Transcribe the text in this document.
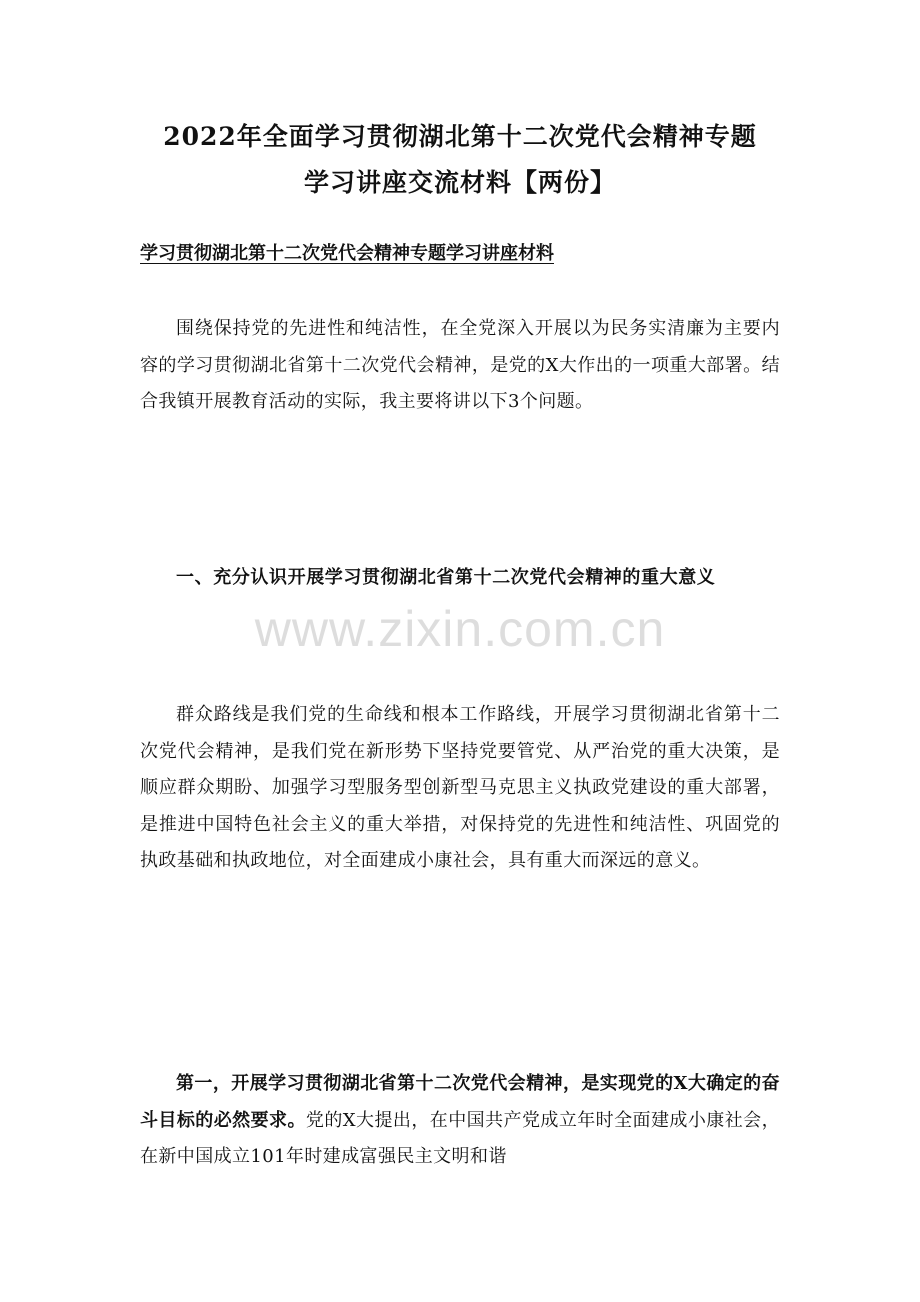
2022年全面学习贯彻湖北第十二次党代会精神专题
学习讲座交流材料【两份】

学习贯彻湖北第十二次党代会精神专题学习讲座材料

围绕保持党的先进性和纯洁性，在全党深入开展以为民务实清廉为主要内容的学习贯彻湖北省第十二次党代会精神，是党的X大作出的一项重大部署。结合我镇开展教育活动的实际，我主要将讲以下3个问题。

一、充分认识开展学习贯彻湖北省第十二次党代会精神的重大意义
www.zixin.com.cn

群众路线是我们党的生命线和根本工作路线，开展学习贯彻湖北省第十二次党代会精神，是我们党在新形势下坚持党要管党、从严治党的重大决策，是顺应群众期盼、加强学习型服务型创新型马克思主义执政党建设的重大部署，是推进中国特色社会主义的重大举措，对保持党的先进性和纯洁性、巩固党的执政基础和执政地位，对全面建成小康社会，具有重大而深远的意义。

第一，开展学习贯彻湖北省第十二次党代会精神，是实现党的X大确定的奋斗目标的必然要求。党的X大提出，在中国共产党成立年时全面建成小康社会，在新中国成立101年时建成富强民主文明和谐
